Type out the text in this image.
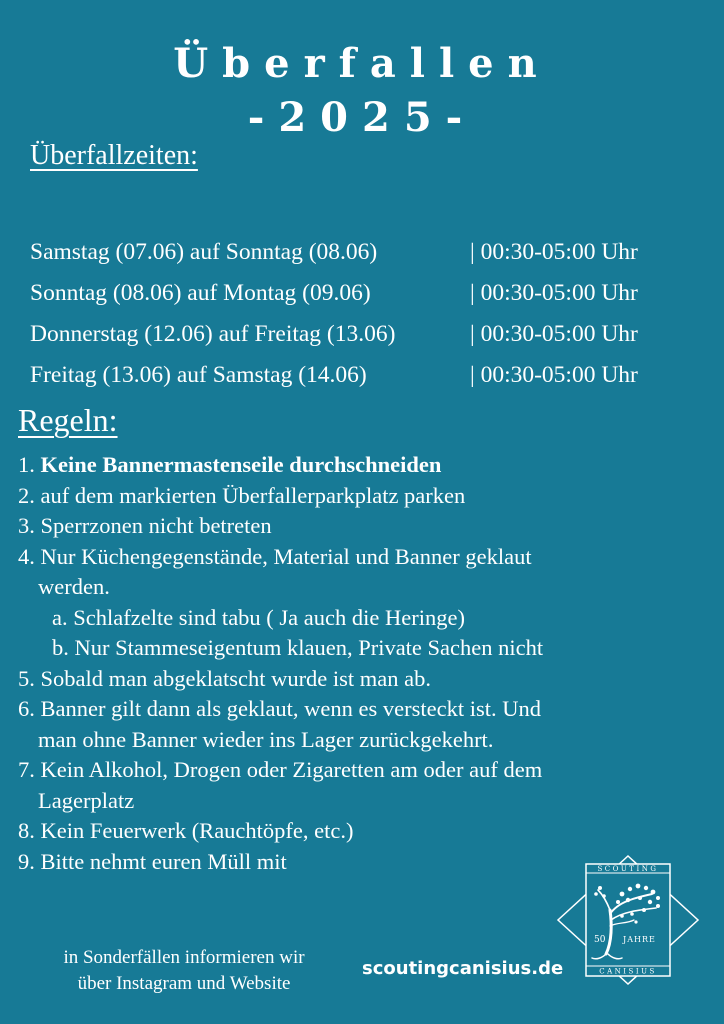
Überfallen
-2025-
Überfallzeiten:
Samstag (07.06) auf Sonntag (08.06)	| 00:30-05:00 Uhr
Sonntag (08.06) auf Montag (09.06)	| 00:30-05:00 Uhr
Donnerstag (12.06) auf Freitag (13.06)	| 00:30-05:00 Uhr
Freitag (13.06) auf Samstag (14.06)	| 00:30-05:00 Uhr
Regeln:
1. Keine Bannermastenseile durchschneiden
2. auf dem markierten Überfallerparkplatz parken
3. Sperrzonen nicht betreten
4. Nur Küchengegenstände, Material und Banner geklaut
werden.
a. Schlafzelte sind tabu ( Ja auch die Heringe)
b. Nur Stammeseigentum klauen, Private Sachen nicht
5. Sobald man abgeklatscht wurde ist man ab.
6. Banner gilt dann als geklaut, wenn es versteckt ist. Und
man ohne Banner wieder ins Lager zurückgekehrt.
7. Kein Alkohol, Drogen oder Zigaretten am oder auf dem
Lagerplatz
8. Kein Feuerwerk (Rauchtöpfe, etc.)
9. Bitte nehmt euren Müll mit
in Sonderfällen informieren wir
über Instagram und Website
scoutingcanisius.de
SCOUTING
CANISIUS
50 JAHRE
